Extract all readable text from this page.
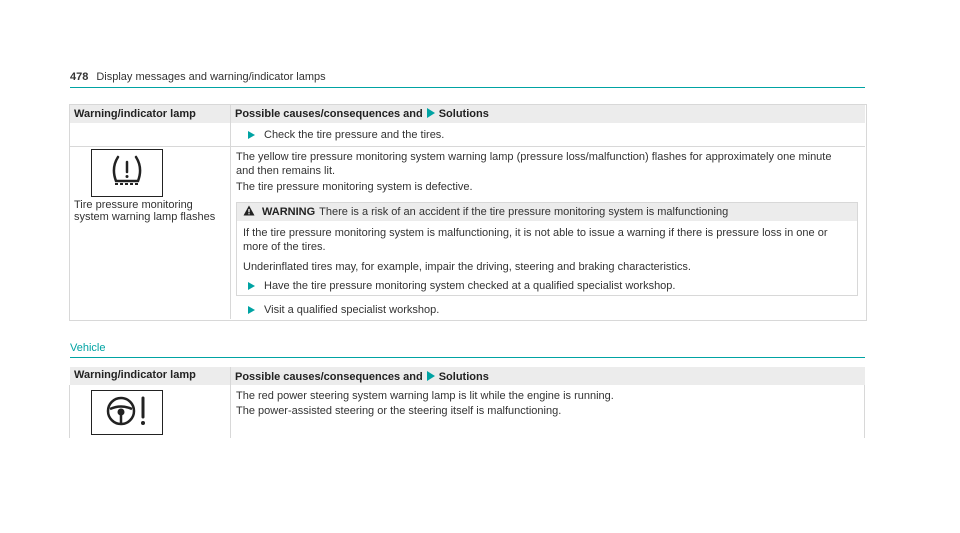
478 Display messages and warning/indicator lamps
Warning/indicator lamp	Possible causes/consequences and Solutions
Check the tire pressure and the tires.
Tire pressure monitoring system warning lamp flashes
The yellow tire pressure monitoring system warning lamp (pressure loss/malfunction) flashes for approximately one minute and then remains lit.
The tire pressure monitoring system is defective.
WARNING There is a risk of an accident if the tire pressure monitoring system is malfunctioning
If the tire pressure monitoring system is malfunctioning, it is not able to issue a warning if there is pressure loss in one or more of the tires.
Underinflated tires may, for example, impair the driving, steering and braking characteristics.
Have the tire pressure monitoring system checked at a qualified specialist workshop.
Visit a qualified specialist workshop.
Vehicle
Warning/indicator lamp	Possible causes/consequences and Solutions
The red power steering system warning lamp is lit while the engine is running.
The power-assisted steering or the steering itself is malfunctioning.
